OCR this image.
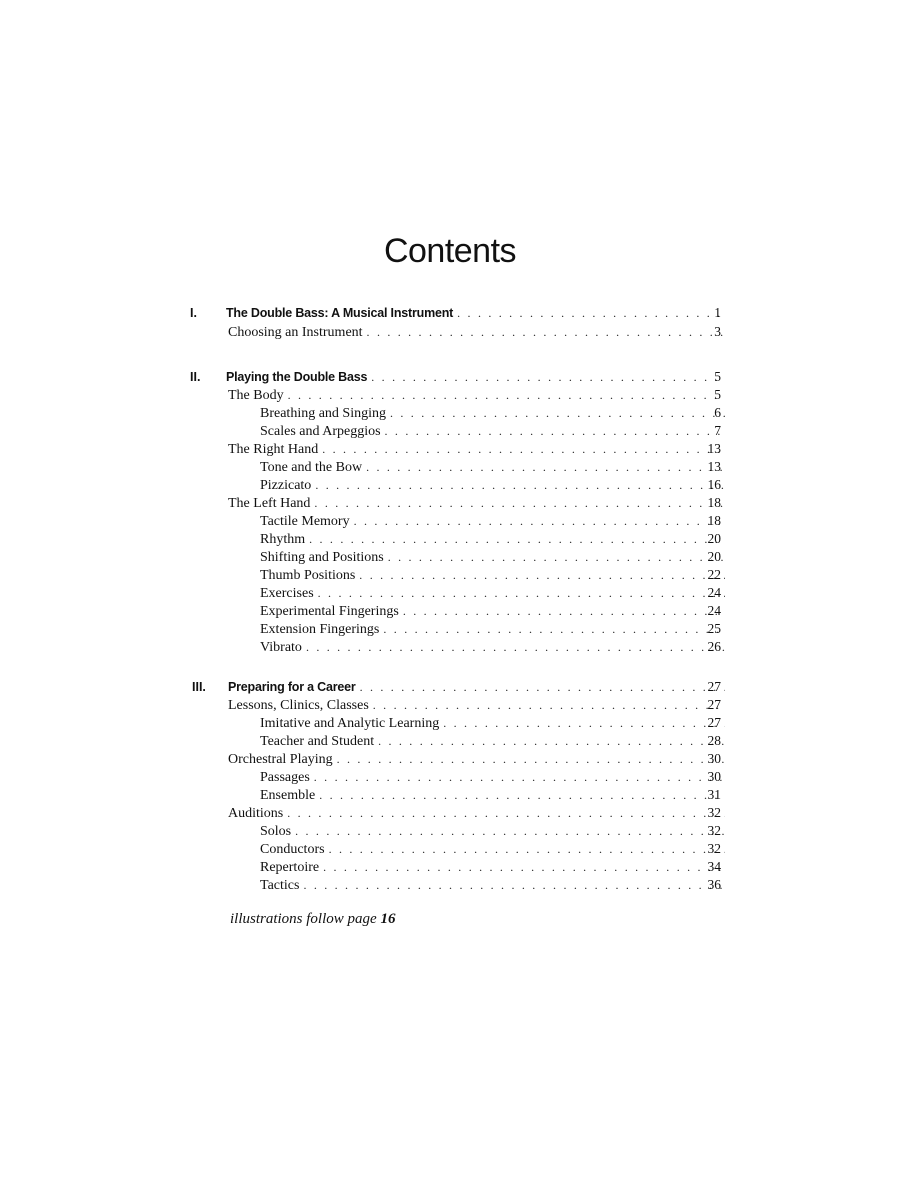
Contents
I. The Double Bass: A Musical Instrument . . .	1
Choosing an Instrument . . .	3
II. Playing the Double Bass . . .	5
The Body . . .	5
Breathing and Singing . . .	6
Scales and Arpeggios . . .	7
The Right Hand . . .	13
Tone and the Bow . . .	13
Pizzicato . . .	16
The Left Hand . . .	18
Tactile Memory . . .	18
Rhythm . . .	20
Shifting and Positions . . .	20
Thumb Positions . . .	22
Exercises . . .	24
Experimental Fingerings . . .	24
Extension Fingerings . . .	25
Vibrato . . .	26
III. Preparing for a Career . . .	27
Lessons, Clinics, Classes . . .	27
Imitative and Analytic Learning . . .	27
Teacher and Student . . .	28
Orchestral Playing . . .	30
Passages . . .	30
Ensemble . . .	31
Auditions . . .	32
Solos . . .	32
Conductors . . .	32
Repertoire . . .	34
Tactics . . .	36
illustrations follow page 16
